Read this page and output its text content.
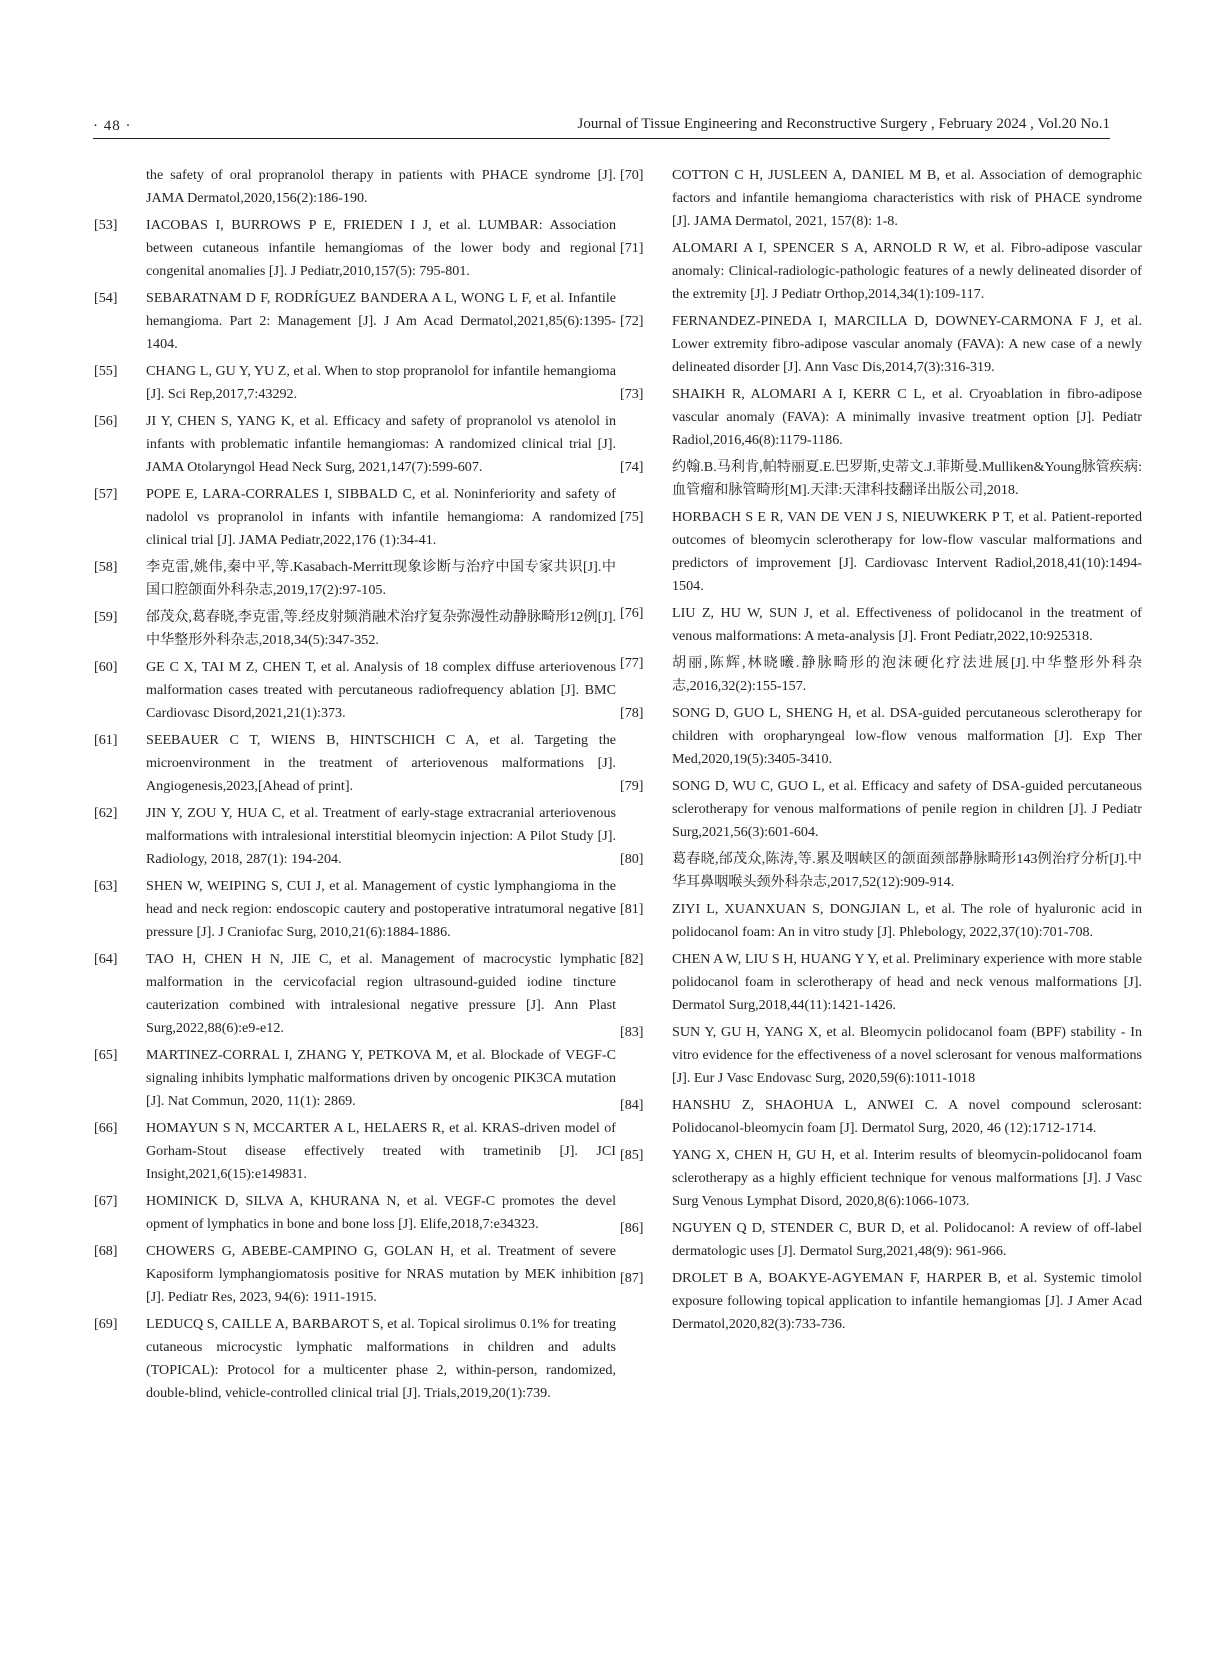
· 48 ·	Journal of Tissue Engineering and Reconstructive Surgery , February 2024 , Vol.20 No.1
the safety of oral propranolol therapy in patients with PHACE syndrome [J]. JAMA Dermatol,2020,156(2):186-190.
[53]	IACOBAS I, BURROWS P E, FRIEDEN I J, et al. LUMBAR: Association between cutaneous infantile hemangiomas of the lower body and regional congenital anomalies [J]. J Pediatr,2010,157(5): 795-801.
[54]	SEBARATNAM D F, RODRÍGUEZ BANDERA A L, WONG L F, et al. Infantile hemangioma. Part 2: Management [J]. J Am Acad Dermatol,2021,85(6):1395-1404.
[55]	CHANG L, GU Y, YU Z, et al. When to stop propranolol for infantile hemangioma [J]. Sci Rep,2017,7:43292.
[56]	JI Y, CHEN S, YANG K, et al. Efficacy and safety of propranolol vs atenolol in infants with problematic infantile hemangiomas: A randomized clinical trial [J]. JAMA Otolaryngol Head Neck Surg, 2021,147(7):599-607.
[57]	POPE E, LARA-CORRALES I, SIBBALD C, et al. Noninferiority and safety of nadolol vs propranolol in infants with infantile hemangioma: A randomized clinical trial [J]. JAMA Pediatr,2022,176 (1):34-41.
[58]	李克雷,姚伟,秦中平,等.Kasabach-Merritt现象诊断与治疗中国专家共识[J].中国口腔颌面外科杂志,2019,17(2):97-105.
[59]	邰茂众,葛春晓,李克雷,等.经皮射频消融术治疗复杂弥漫性动静脉畸形12例[J].中华整形外科杂志,2018,34(5):347-352.
[60]	GE C X, TAI M Z, CHEN T, et al. Analysis of 18 complex diffuse arteriovenous malformation cases treated with percutaneous radiofrequency ablation [J]. BMC Cardiovasc Disord,2021,21(1):373.
[61]	SEEBAUER C T, WIENS B, HINTSCHICH C A, et al. Targeting the microenvironment in the treatment of arteriovenous malformations [J]. Angiogenesis,2023,[Ahead of print].
[62]	JIN Y, ZOU Y, HUA C, et al. Treatment of early-stage extracranial arteriovenous malformations with intralesional interstitial bleomycin injection: A Pilot Study [J]. Radiology, 2018, 287(1): 194-204.
[63]	SHEN W, WEIPING S, CUI J, et al. Management of cystic lymphangioma in the head and neck region: endoscopic cautery and postoperative intratumoral negative pressure [J]. J Craniofac Surg, 2010,21(6):1884-1886.
[64]	TAO H, CHEN H N, JIE C, et al. Management of macrocystic lymphatic malformation in the cervicofacial region ultrasound-guided iodine tincture cauterization combined with intralesional negative pressure [J]. Ann Plast Surg,2022,88(6):e9-e12.
[65]	MARTINEZ-CORRAL I, ZHANG Y, PETKOVA M, et al. Blockade of VEGF-C signaling inhibits lymphatic malformations driven by oncogenic PIK3CA mutation [J]. Nat Commun, 2020, 11(1): 2869.
[66]	HOMAYUN S N, MCCARTER A L, HELAERS R, et al. KRAS-driven model of Gorham-Stout disease effectively treated with trametinib [J]. JCI Insight,2021,6(15):e149831.
[67]	HOMINICK D, SILVA A, KHURANA N, et al. VEGF-C promotes the devel opment of lymphatics in bone and bone loss [J]. Elife,2018,7:e34323.
[68]	CHOWERS G, ABEBE-CAMPINO G, GOLAN H, et al. Treatment of severe Kaposiform lymphangiomatosis positive for NRAS mutation by MEK inhibition [J]. Pediatr Res, 2023, 94(6): 1911-1915.
[69]	LEDUCQ S, CAILLE A, BARBAROT S, et al. Topical sirolimus 0.1% for treating cutaneous microcystic lymphatic malformations in children and adults (TOPICAL): Protocol for a multicenter phase 2, within-person, randomized, double-blind, vehicle-controlled clinical trial [J]. Trials,2019,20(1):739.
[70]	COTTON C H, JUSLEEN A, DANIEL M B, et al. Association of demographic factors and infantile hemangioma characteristics with risk of PHACE syndrome [J]. JAMA Dermatol, 2021, 157(8): 1-8.
[71]	ALOMARI A I, SPENCER S A, ARNOLD R W, et al. Fibro-adipose vascular anomaly: Clinical-radiologic-pathologic features of a newly delineated disorder of the extremity [J]. J Pediatr Orthop,2014,34(1):109-117.
[72]	FERNANDEZ-PINEDA I, MARCILLA D, DOWNEY-CARMONA F J, et al. Lower extremity fibro-adipose vascular anomaly (FAVA): A new case of a newly delineated disorder [J]. Ann Vasc Dis,2014,7(3):316-319.
[73]	SHAIKH R, ALOMARI A I, KERR C L, et al. Cryoablation in fibro-adipose vascular anomaly (FAVA): A minimally invasive treatment option [J]. Pediatr Radiol,2016,46(8):1179-1186.
[74]	约翰.B.马利肯,帕特丽夏.E.巴罗斯,史蒂文.J.菲斯曼.Mulliken&Young脉管疾病:血管瘤和脉管畸形[M].天津:天津科技翻译出版公司,2018.
[75]	HORBACH S E R, VAN DE VEN J S, NIEUWKERK P T, et al. Patient-reported outcomes of bleomycin sclerotherapy for low-flow vascular malformations and predictors of improvement [J]. Cardiovasc Intervent Radiol,2018,41(10):1494-1504.
[76]	LIU Z, HU W, SUN J, et al. Effectiveness of polidocanol in the treatment of venous malformations: A meta-analysis [J]. Front Pediatr,2022,10:925318.
[77]	胡丽,陈辉,林晓曦.静脉畸形的泡沫硬化疗法进展[J].中华整形外科杂志,2016,32(2):155-157.
[78]	SONG D, GUO L, SHENG H, et al. DSA-guided percutaneous sclerotherapy for children with oropharyngeal low-flow venous malformation [J]. Exp Ther Med,2020,19(5):3405-3410.
[79]	SONG D, WU C, GUO L, et al. Efficacy and safety of DSA-guided percutaneous sclerotherapy for venous malformations of penile region in children [J]. J Pediatr Surg,2021,56(3):601-604.
[80]	葛春晓,邰茂众,陈涛,等.累及咽峡区的颌面颈部静脉畸形143例治疗分析[J].中华耳鼻咽喉头颈外科杂志,2017,52(12):909-914.
[81]	ZIYI L, XUANXUAN S, DONGJIAN L, et al. The role of hyaluronic acid in polidocanol foam: An in vitro study [J]. Phlebology, 2022,37(10):701-708.
[82]	CHEN A W, LIU S H, HUANG Y Y, et al. Preliminary experience with more stable polidocanol foam in sclerotherapy of head and neck venous malformations [J]. Dermatol Surg,2018,44(11):1421-1426.
[83]	SUN Y, GU H, YANG X, et al. Bleomycin polidocanol foam (BPF) stability - In vitro evidence for the effectiveness of a novel sclerosant for venous malformations [J]. Eur J Vasc Endovasc Surg, 2020,59(6):1011-1018
[84]	HANSHU Z, SHAOHUA L, ANWEI C. A novel compound sclerosant: Polidocanol-bleomycin foam [J]. Dermatol Surg, 2020, 46 (12):1712-1714.
[85]	YANG X, CHEN H, GU H, et al. Interim results of bleomycin-polidocanol foam sclerotherapy as a highly efficient technique for venous malformations [J]. J Vasc Surg Venous Lymphat Disord, 2020,8(6):1066-1073.
[86]	NGUYEN Q D, STENDER C, BUR D, et al. Polidocanol: A review of off-label dermatologic uses [J]. Dermatol Surg,2021,48(9): 961-966.
[87]	DROLET B A, BOAKYE-AGYEMAN F, HARPER B, et al. Systemic timolol exposure following topical application to infantile hemangiomas [J]. J Amer Acad Dermatol,2020,82(3):733-736.
